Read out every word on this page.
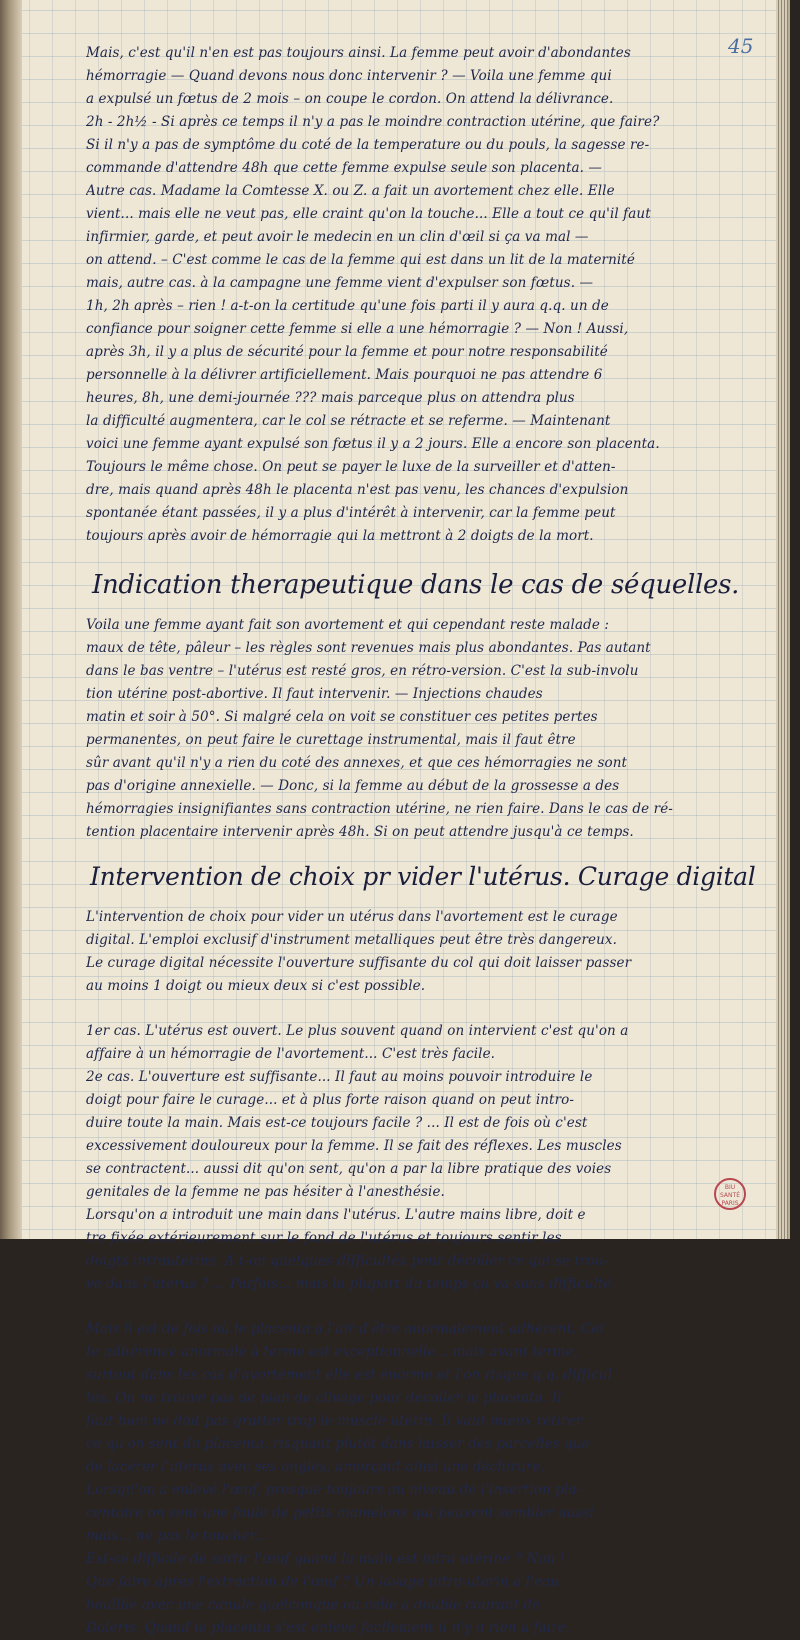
45
Mais, c'est qu'il n'en est pas toujours ainsi. La femme peut avoir d'abondantes
hémorragie — Quand devons nous donc intervenir ? — Voila une femme qui
a expulsé un fœtus de 2 mois – on coupe le cordon. On attend la délivrance.
2h - 2h½ - Si après ce temps il n'y a pas le moindre contraction utérine, que faire?
Si il n'y a pas de symptôme du coté de la temperature ou du pouls, la sagesse re-
commande d'attendre 48h que cette femme expulse seule son placenta. —
Autre cas. Madame la Comtesse X. ou Z. a fait un avortement chez elle. Elle
vient... mais elle ne veut pas, elle craint qu'on la touche... Elle a tout ce qu'il faut
infirmier, garde, et peut avoir le medecin en un clin d'œil si ça va mal —
on attend. – C'est comme le cas de la femme qui est dans un lit de la maternité
mais, autre cas. à la campagne une femme vient d'expulser son fœtus. —
1h, 2h après – rien ! a-t-on la certitude qu'une fois parti il y aura q.q. un de
confiance pour soigner cette femme si elle a une hémorragie ? — Non ! Aussi,
après 3h, il y a plus de sécurité pour la femme et pour notre responsabilité
personnelle à la délivrer artificiellement. Mais pourquoi ne pas attendre 6
heures, 8h, une demi-journée ??? mais parceque plus on attendra plus
la difficulté augmentera, car le col se rétracte et se referme. — Maintenant
voici une femme ayant expulsé son fœtus il y a 2 jours. Elle a encore son placenta.
Toujours le même chose. On peut se payer le luxe de la surveiller et d'atten-
dre, mais quand après 48h le placenta n'est pas venu, les chances d'expulsion
spontanée étant passées, il y a plus d'intérêt à intervenir, car la femme peut
toujours après avoir de hémorragie qui la mettront à 2 doigts de la mort.
Indication therapeutique dans le cas de séquelles.
Voila une femme ayant fait son avortement et qui cependant reste malade :
maux de tête, pâleur – les règles sont revenues mais plus abondantes. Pas autant
dans le bas ventre – l'utérus est resté gros, en rétro-version. C'est la sub-involu
tion utérine post-abortive. Il faut intervenir. — Injections chaudes
matin et soir à 50°. Si malgré cela on voit se constituer ces petites pertes
permanentes, on peut faire le curettage instrumental, mais il faut être
sûr avant qu'il n'y a rien du coté des annexes, et que ces hémorragies ne sont
pas d'origine annexielle. — Donc, si la femme au début de la grossesse a des
hémorragies insignifiantes sans contraction utérine, ne rien faire. Dans le cas de ré-
tention placentaire intervenir après 48h. Si on peut attendre jusqu'à ce temps.
Intervention de choix pr vider l'utérus. Curage digital
L'intervention de choix pour vider un utérus dans l'avortement est le curage
digital. L'emploi exclusif d'instrument metalliques peut être très dangereux.
Le curage digital nécessite l'ouverture suffisante du col qui doit laisser passer
au moins 1 doigt ou mieux deux si c'est possible.
1er cas. L'utérus est ouvert. Le plus souvent quand on intervient c'est qu'on a
affaire à un hémorragie de l'avortement... C'est très facile.
2e cas. L'ouverture est suffisante... Il faut au moins pouvoir introduire le
doigt pour faire le curage... et à plus forte raison quand on peut intro-
duire toute la main. Mais est-ce toujours facile ? ... Il est de fois où c'est
excessivement douloureux pour la femme. Il se fait des réflexes. Les muscles
se contractent... aussi dit qu'on sent, qu'on a par la libre pratique des voies
genitales de la femme ne pas hésiter à l'anesthésie.
Lorsqu'on a introduit une main dans l'utérus. L'autre mains libre, doit e
tre fixée extérieurement sur le fond de l'utérus et toujours sentir les
doigts intrautérins. A t-on quelques difficultés pour décoller ce qui se trou-
ve dans l'utérus ? ... Parfois... mais la plupart du temps ça va sans difficulté.
Mais il est de fois où le placenta a l'air d'être anormalement adhérent. Cet
te adhérence anormale à terme est exceptionnelle... mais avant terme,
surtout dans les cas d'avortement elle est énorme et l'on risque q.q. difficul
tés. On ne trouve pas de plan de clivage pour décoller le placenta. Il
faut bien ne doit pas gratter trop le muscle utérin. Il vaut mieux retirer
ce qu'on sent du placenta, risquant plutôt dans laisser des parcelles que
de lacérer l'utérus avec ses ongles, amorçant ainsi une déchirure.
Lorsqu'on a enlevé l'œuf, presque toujours au niveau de l'insertion pla-
centaire on sent une foule de petits mamelons qui peuvent sembler aussi
mais... ne pas le toucher...
Est-ce difficile de sortir l'œuf quand la main est intra utérine ? Non !
Que faire après l'extraction de l'œuf ? Un lavage intra-utérin à l'eau
bouillie avec une canule quelconque ou celle à double courant de
Doléris. Quand le placenta s'est enlevé facilement il n'y a rien à faire.
BIU
SANTÉ
PARIS
